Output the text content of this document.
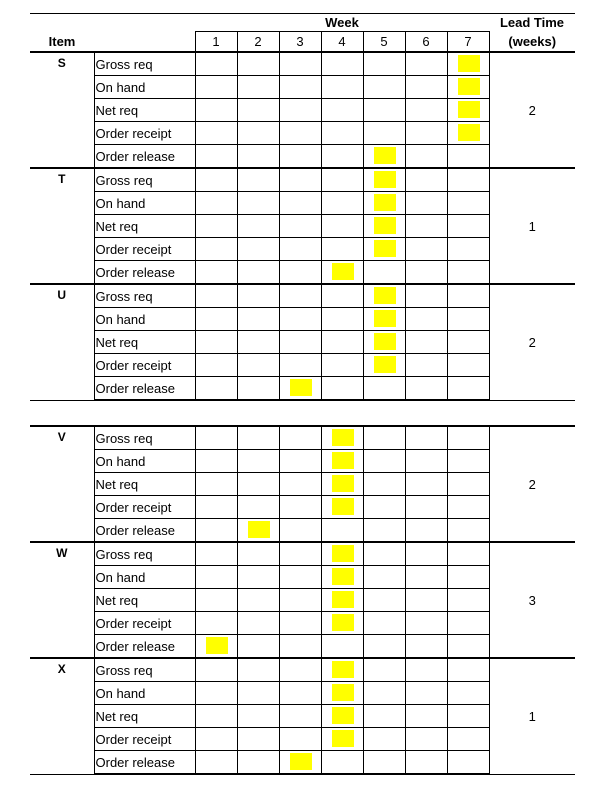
		Week							Lead Time
Item		1	2	3	4	5	6	7	(weeks)
S	Gross req								2
	On hand								

	Net req								

	Order receipt								

	Order release						

T	Gross req								1
	On hand						

	Net req						

	Order receipt						

	Order release					

U	Gross req								2
	On hand						

	Net req						

	Order receipt						

	Order release				

V	Gross req								2
	On hand					

	Net req					

	Order receipt					

	Order release			

W	Gross req								3
	On hand					

	Net req					

	Order receipt					

	Order release		

X	Gross req								1
	On hand					

	Net req					

	Order receipt					

	Order release				
